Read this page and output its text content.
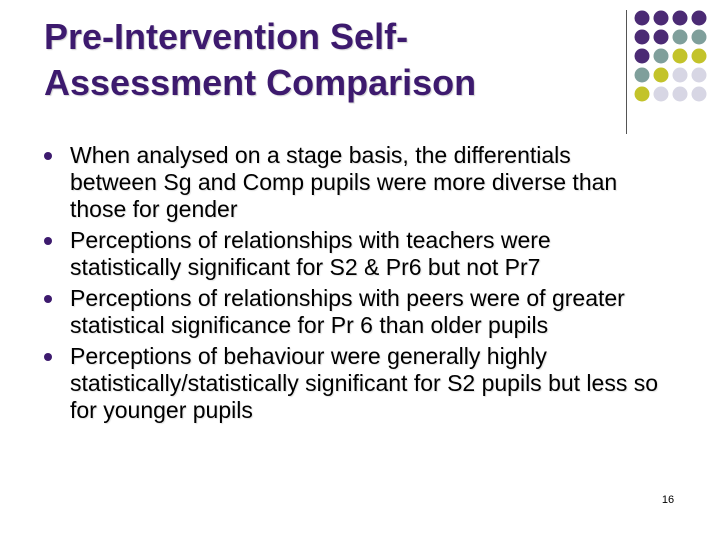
Pre-Intervention Self-
Assessment Comparison
When analysed on a stage basis, the differentials between Sg and Comp pupils were more diverse than those for gender
Perceptions of relationships with teachers were statistically significant for S2 & Pr6 but not Pr7
Perceptions of relationships with peers were of greater statistical significance for Pr 6 than older pupils
Perceptions of behaviour were generally highly statistically/statistically significant for S2 pupils but less so for younger pupils
16
